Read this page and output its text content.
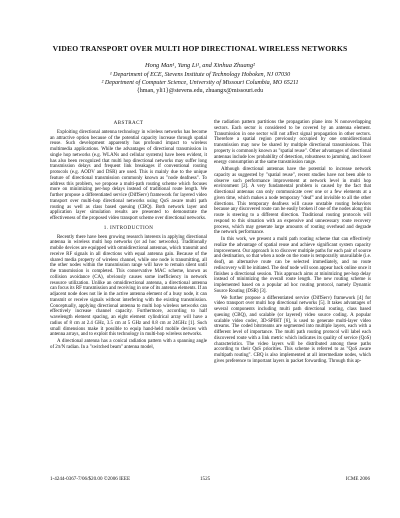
VIDEO TRANSPORT OVER MULTI HOP DIRECTIONAL WIRELESS NETWORKS
Hong Man¹, Yang Li¹, and Xinhua Zhuang²
¹ Department of ECE, Stevens Institute of Technology Hoboken, NJ 07030
² Department of Computer Science, University of Missouri Columbia, MO 65211
{hman, yli1}@stevens.edu, zhuangx@missouri.edu
ABSTRACT

Exploiting directional antenna technology in wireless networks has become an attractive option because of the potential capacity increase through spatial reuse. Such development apparently has profound impact to wireless multimedia applications. While the advantages of directional transmission in single hop networks (e.g. WLANs and cellular systems) have been evident, it has also been recognized that multi hop directional networks may suffer long transmission delays and frequent link breakages if conventional routing protocols (e.g. AODV and DSR) are used. This is mainly due to the unique feature of directional transmission commonly known as "node deafness". To address this problem, we propose a multi-path routing scheme which focuses more on minimizing per-hop delays instead of traditional route length. We further propose a differentiated service (DiffServ) framework for layered video transport over multi-hop directional networks using QoS aware multi path routing as well as class based queuing (CBQ). Both network layer and application layer simulation results are presented to demonstrate the effectiveness of the proposed video transport scheme over directional networks.

1. INTRODUCTION

Recently there have been growing research interests in applying directional antenna in wireless multi hop networks (or ad hoc networks). Traditionally mobile devices are equipped with omnidirectional antennas, which transmit and receive RF signals in all directions with equal antenna gain. Because of the shared media property of wireless channel, while one node is transmitting, all the other nodes within the transmission range will have to remain silent until the transmission is completed. This conservative MAC scheme, known as collision avoidance (CA), obviously causes some inefficiency in network resource utilization. Unlike an omnidirectional antenna, a directional antenna can focus its RF transmission and receiving in one of its antenna elements. If an adjacent node does not lie in the active antenna element of a busy node, it can transmit or receive signals without interfering with the existing transmission. Conceptually, applying directional antenna to multi hop wireless networks can effectively increase channel capacity. Furthermore, according to half wavelength element spacing, an eight element cylindrical array will have a radius of 8 cm at 2.4 GHz, 3.5 cm at 5 GHz and 0.8 cm at 24GHz [1]. Such small dimensions make it possible to equip hand-held mobile devices with antenna arrays, and to exploit this technology in multi-hop wireless networks.

A directional antenna has a conical radiation pattern with a spanning angle of 2π/N radian. In a "switched beam" antenna model,

the radiation pattern partitions the propagation plane into N nonoverlapping sectors. Each sector is considered to be covered by an antenna element. Transmission in one sector will not affect signal propagation in other sectors. Therefore a spatial region previously occupied by one omnidirectional transmission may now be shared by multiple directional transmissions. This property is commonly known as "spatial reuse". Other advantages of directional antennas include low probability of detection, robustness to jamming, and lower energy consumption at the same transmission range.

Although directional antennas have the potential to increase network capacity as suggested by "spatial reuse", recent studies have not been able to observe such performance improvement at network level in multi hop environment [2]. A very fundamental problem is caused by the fact that directional antennas can only communicate over one or a few elements at a given time, which makes a node temporary "deaf" and invisible to all the other directions. This temporary deafness will cause unstable routing behaviors because any discovered route can be easily broken if one of the nodes along this route is steering to a different direction. Traditional routing protocols will respond to this situation with an expensive and unnecessary route recovery process, which may generate large amounts of routing overhead and degrade the network performance.

In this work, we present a multi path routing scheme that can effectively realize the advantage of spatial reuse and achieve significant system capacity improvement. Our approach is to discover multiple paths for each pair of source and destination, so that when a node on the route is temporarily unavailable (i.e. deaf), an alternative route can be selected immediately, and no route rediscovery will be initiated. The deaf node will soon appear back online once it finishes a directional session. This approach aims at minimizing per-hop delay instead of minimizing the overall route length. The new routing scheme is implemented based on a popular ad hoc routing protocol, namely Dynamic Source Routing (DSR) [3].

We further propose a differentiated service (DiffServ) framework [4] for video transport over multi hop directional networks [5]. It takes advantages of several components including multi path directional routing, class based queuing (CBQ), and scalable (or layered) video source coding. A popular scalable video codec, 3D-SPIHT [6], is used to generate multi-layer video streams. The coded bitstreams are segmented into multiple layers, each with a different level of importance. The multi path routing protocol will label each discovered route with a link metric which indicates its quality of service (QoS) characteristics. The video layers will be distributed among these paths according to their QoS priorities. This scheme is referred to as "QoS aware multipath routing". CBQ is also implemented at all intermediate nodes, which gives preference to important layers in packet forwarding. Through this ap-

1-4244-0367-7/06/$20.00 ©2006 IEEE	1525	ICME 2006
